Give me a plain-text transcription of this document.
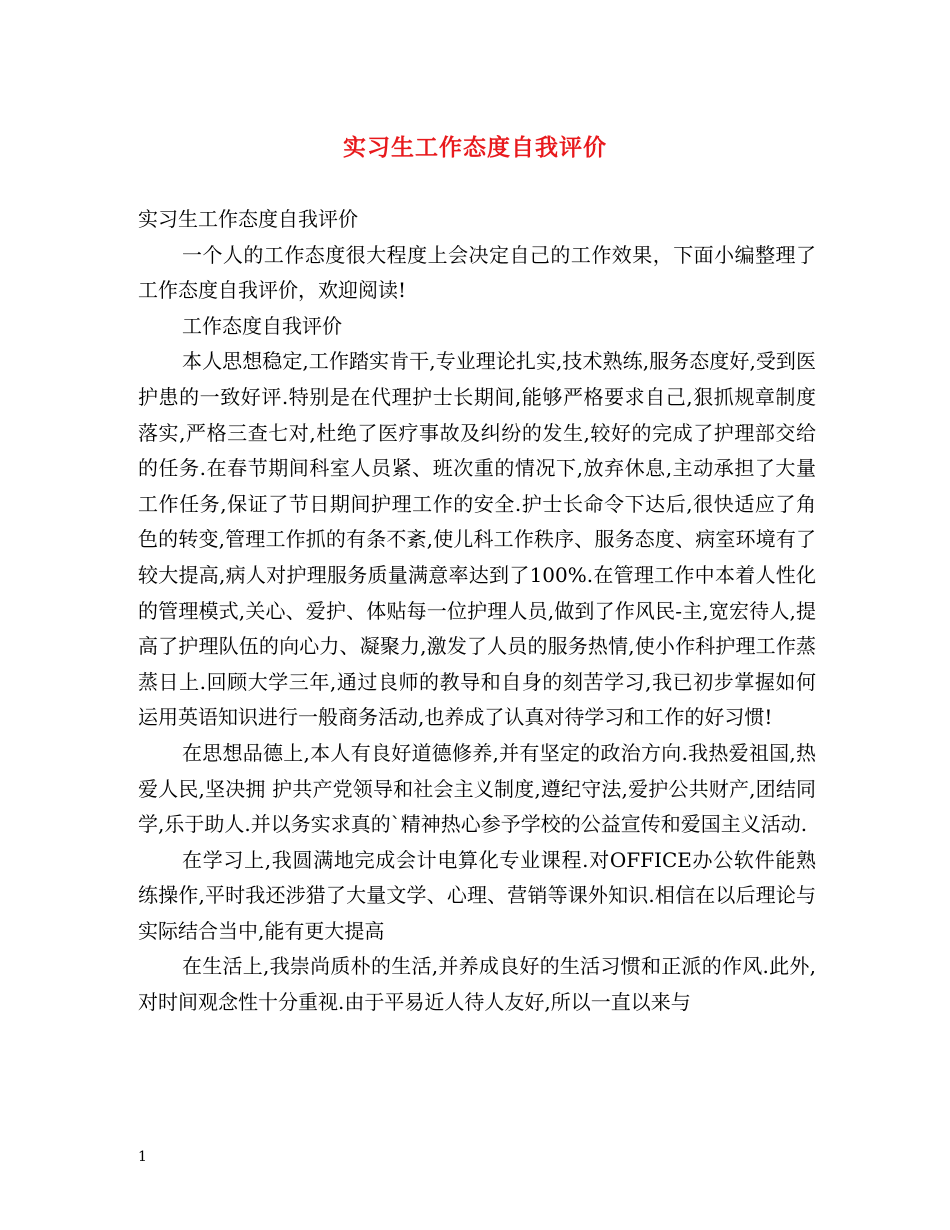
实习生工作态度自我评价

实习生工作态度自我评价

一个人的工作态度很大程度上会决定自己的工作效果，下面小编整理了工作态度自我评价，欢迎阅读!

工作态度自我评价

本人思想稳定,工作踏实肯干,专业理论扎实,技术熟练,服务态度好,受到医护患的一致好评.特别是在代理护士长期间,能够严格要求自己,狠抓规章制度落实,严格三查七对,杜绝了医疗事故及纠纷的发生,较好的完成了护理部交给的任务.在春节期间科室人员紧、班次重的情况下,放弃休息,主动承担了大量工作任务,保证了节日期间护理工作的安全.护士长命令下达后,很快适应了角色的转变,管理工作抓的有条不紊,使儿科工作秩序、服务态度、病室环境有了较大提高,病人对护理服务质量满意率达到了100%.在管理工作中本着人性化的管理模式,关心、爱护、体贴每一位护理人员,做到了作风民-主,宽宏待人,提高了护理队伍的向心力、凝聚力,激发了人员的服务热情,使小作科护理工作蒸蒸日上.回顾大学三年,通过良师的教导和自身的刻苦学习,我已初步掌握如何运用英语知识进行一般商务活动,也养成了认真对待学习和工作的好习惯!

在思想品德上,本人有良好道德修养,并有坚定的政治方向.我热爱祖国,热爱人民,坚决拥 护共产党领导和社会主义制度,遵纪守法,爱护公共财产,团结同学,乐于助人.并以务实求真的`精神热心参予学校的公益宣传和爱国主义活动.

在学习上,我圆满地完成会计电算化专业课程.对OFFICE办公软件能熟练操作,平时我还涉猎了大量文学、心理、营销等课外知识.相信在以后理论与实际结合当中,能有更大提高

在生活上,我崇尚质朴的生活,并养成良好的生活习惯和正派的作风.此外,对时间观念性十分重视.由于平易近人待人友好,所以一直以来与

1
